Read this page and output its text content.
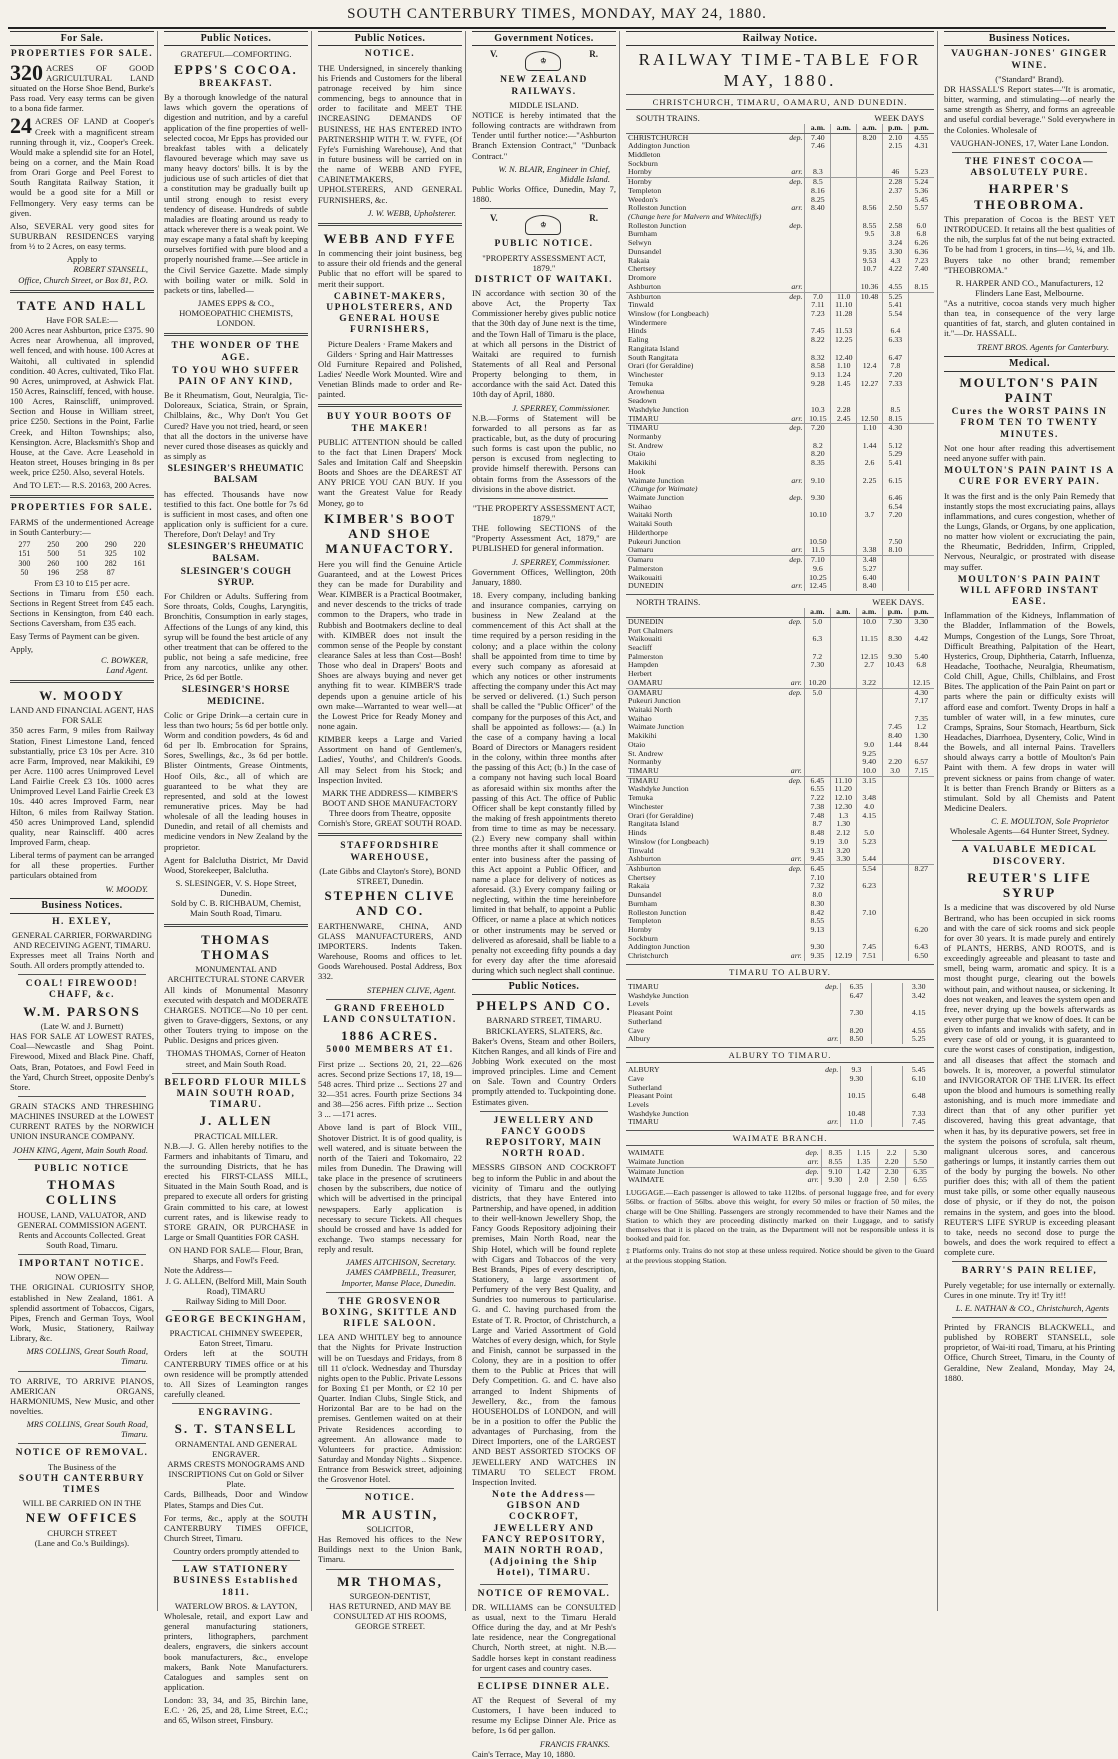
SOUTH CANTERBURY TIMES, MONDAY, MAY 24, 1880.
For Sale.
PROPERTIES FOR SALE.
320 ACRES OF GOOD AGRICULTURAL LAND situated on the Horse Shoe Bend, Burke's Pass road. Very easy terms can be given to a bona fide farmer.
24 ACRES OF LAND at Cooper's Creek with a magnificent stream running through it, viz., Cooper's Creek. Would make a splendid site for an Hotel, being on a corner, and the Main Road from Orari Gorge and Peel Forest to South Rangitata Railway Station, it would be a good site for a Mill or Fellmongery. Very easy terms can be given.
Also, SEVERAL very good sites for SUBURBAN RESIDENCES varying from ½ to 2 Acres, on easy terms.
Apply to
ROBERT STANSELL,
Office, Church Street, or Box 81, P.O.
TATE AND HALL
Have FOR SALE:—
200 Acres near Ashburton, price £375. 90 Acres near Arowhenua, all improved, well fenced, and with house. 100 Acres at Waitohi, all cultivated in splendid condition. 40 Acres, cultivated, Tiko Flat. 90 Acres, unimproved, at Ashwick Flat. 150 Acres, Rainscliff, fenced, with house. 100 Acres, Rainscliff, unimproved. Section and House in William street, price £250. Sections in the Point, Farlie Creek, and Hilton Townships; also, Kensington. Acre, Blacksmith's Shop and House, at the Cave. Acre Leasehold in Heaton street, Houses bringing in 8s per week, price £250. Also, several Hotels.
And TO LET:— R.S. 20163, 200 Acres.
PROPERTIES FOR SALE.
FARMS of the undermentioned Acreage in South Canterbury:—
277	250	200	290	220
151	500	51	325	102
300	260	100	282	161
50	196	258	87	
From £3 10 to £15 per acre.
Sections in Timaru from £50 each. Sections in Regent Street from £45 each. Sections in Kensington, from £40 each. Sections Caversham, from £35 each.
Easy Terms of Payment can be given.
Apply,
C. BOWKER,
Land Agent.
W. MOODY
LAND AND FINANCIAL AGENT, HAS FOR SALE
350 acres Farm, 9 miles from Railway Station, Finest Limestone Land, fenced substantially, price £3 10s per Acre. 310 acre Farm, Improved, near Makikihi, £9 per Acre. 1100 acres Unimproved Level Land Fairlie Creek £3 10s. 1000 acres Unimproved Level Land Fairlie Creek £3 10s. 440 acres Improved Farm, near Hilton, 6 miles from Railway Station. 450 acres Unimproved Land, splendid quality, near Rainscliff. 400 acres Improved Farm, cheap.
Liberal terms of payment can be arranged for all these properties. Further particulars obtained from
W. MOODY.
Business Notices.
H. EXLEY,
GENERAL CARRIER, FORWARDING AND RECEIVING AGENT, TIMARU.
Expresses meet all Trains North and South. All orders promptly attended to.
COAL! FIREWOOD! CHAFF, &c.
W.M. PARSONS
(Late W. and J. Burnett)
HAS FOR SALE AT LOWEST RATES, Coal—Newcastle and Shag Point. Firewood, Mixed and Black Pine. Chaff, Oats, Bran, Potatoes, and Fowl Feed in the Yard, Church Street, opposite Denby's Store.
GRAIN STACKS AND THRESHING MACHINES INSURED at the LOWEST CURRENT RATES by the NORWICH UNION INSURANCE COMPANY.
JOHN KING, Agent, Main South Road.
PUBLIC NOTICE
THOMAS COLLINS
HOUSE, LAND, VALUATOR, AND GENERAL COMMISSION AGENT.
Rents and Accounts Collected. Great South Road, Timaru.
IMPORTANT NOTICE.
NOW OPEN—
THE ORIGINAL CURIOSITY SHOP, established in New Zealand, 1861. A splendid assortment of Tobaccos, Cigars, Pipes, French and German Toys, Wool Work, Music, Stationery, Railway Library, &c.
MRS COLLINS, Great South Road, Timaru.
TO ARRIVE, TO ARRIVE PIANOS, AMERICAN ORGANS, HARMONIUMS, New Music, and other novelties.
MRS COLLINS, Great South Road, Timaru.
NOTICE OF REMOVAL.
The Business of the
SOUTH CANTERBURY TIMES
WILL BE CARRIED ON IN THE
NEW OFFICES
CHURCH STREET
(Lane and Co.'s Buildings).
Public Notices.
GRATEFUL—COMFORTING.
EPPS'S COCOA.
BREAKFAST.
By a thorough knowledge of the natural laws which govern the operations of digestion and nutrition, and by a careful application of the fine properties of well-selected cocoa, Mr Epps has provided our breakfast tables with a delicately flavoured beverage which may save us many heavy doctors' bills. It is by the judicious use of such articles of diet that a constitution may be gradually built up until strong enough to resist every tendency of disease. Hundreds of subtle maladies are floating around us ready to attack wherever there is a weak point. We may escape many a fatal shaft by keeping ourselves fortified with pure blood and a properly nourished frame.—See article in the Civil Service Gazette. Made simply with boiling water or milk. Sold in packets or tins, labelled—
JAMES EPPS & CO., HOMOEOPATHIC CHEMISTS, LONDON.
THE WONDER OF THE AGE.
TO YOU WHO SUFFER PAIN OF ANY KIND,
Be it Rheumatism, Gout, Neuralgia, Tic-Doloreaux, Sciatica, Strain, or Sprain, Chilblains, &c., Why Don't You Get Cured? Have you not tried, heard, or seen that all the doctors in the universe have never cured those diseases as quickly and as simply as
SLESINGER'S RHEUMATIC BALSAM
has effected. Thousands have now testified to this fact. One bottle for 7s 6d is sufficient in most cases, and often one application only is sufficient for a cure. Therefore, Don't Delay! and Try
SLESINGER'S RHEUMATIC BALSAM.
SLESINGER'S COUGH SYRUP.
For Children or Adults. Suffering from Sore throats, Colds, Coughs, Laryngitis, Bronchitis, Consumption in early stages, Affections of the Lungs of any kind, this syrup will be found the best article of any other treatment that can be offered to the public, not being a safe medicine, free from any narcotics, unlike any other. Price, 2s 6d per Bottle.
SLESINGER'S HORSE MEDICINE.
Colic or Gripe Drink—a certain cure in less than two hours; 5s 6d per bottle only. Worm and condition powders, 4s 6d and 6d per lb. Embrocation for Sprains, Sores, Swellings, &c., 3s 6d per bottle. Blister Ointments, Grease Ointments, Hoof Oils, &c., all of which are guaranteed to be what they are represented, and sold at the lowest remunerative prices. May be had wholesale of all the leading houses in Dunedin, and retail of all chemists and medicine vendors in New Zealand by the proprietor.
Agent for Balclutha District, Mr David Wood, Storekeeper, Balclutha.
S. SLESINGER, V. S. Hope Street, Dunedin.
Sold by C. B. RICHBAUM, Chemist, Main South Road, Timaru.
THOMAS THOMAS
MONUMENTAL AND ARCHITECTURAL STONE CARVER
All kinds of Monumental Masonry executed with despatch and MODERATE CHARGES. NOTICE—No 10 per cent. given to Grave-diggers, Sextons, or any other Touters trying to impose on the Public. Designs and prices given.
THOMAS THOMAS, Corner of Heaton street, and Main South Road.
BELFORD FLOUR MILLS MAIN SOUTH ROAD, TIMARU.
J. ALLEN
PRACTICAL MILLER.
N.B.—J. G. Allen hereby notifies to the Farmers and inhabitants of Timaru, and the surrounding Districts, that he has erected his FIRST-CLASS MILL, Situated in the Main South Road, and is prepared to execute all orders for gristing Grain committed to his care, at lowest current rates, and is likewise ready to STORE GRAIN, OR PURCHASE in Large or Small Quantities FOR CASH.
ON HAND FOR SALE— Flour, Bran, Sharps, and Fowl's Feed.
Note the Address—
J. G. ALLEN, (Belford Mill, Main South Road), TIMARU
Railway Siding to Mill Door.
GEORGE BECKINGHAM,
PRACTICAL CHIMNEY SWEEPER, Eaton Street, Timaru.
Orders left at the SOUTH CANTERBURY TIMES office or at his own residence will be promptly attended to. All Sizes of Leamington ranges carefully cleaned.
ENGRAVING.
S. T. STANSELL
ORNAMENTAL AND GENERAL ENGRAVER.
ARMS CRESTS MONOGRAMS AND INSCRIPTIONS Cut on Gold or Silver Plate.
Cards, Billheads, Door and Window Plates, Stamps and Dies Cut.
For terms, &c., apply at the SOUTH CANTERBURY TIMES OFFICE, Church Street, Timaru.
Country orders promptly attended to
LAW STATIONERY BUSINESS Established 1811.
WATERLOW BROS. & LAYTON,
Wholesale, retail, and export Law and general manufacturing stationers, printers, lithographers, parchment dealers, engravers, die sinkers account book manufacturers, &c., envelope makers, Bank Note Manufacturers. Catalogues and samples sent on application.
London: 33, 34, and 35, Birchin lane, E.C. · 26, 25, and 28, Lime Street, E.C.; and 65, Wilson street, Finsbury.
Public Notices.
NOTICE.
THE Undersigned, in sincerely thanking his Friends and Customers for the liberal patronage received by him since commencing, begs to announce that in order to facilitate and MEET THE INCREASING DEMANDS OF BUSINESS, HE HAS ENTERED INTO PARTNERSHIP WITH T. W. FYFE, (Of Fyfe's Furnishing Warehouse), And that in future business will be carried on in the name of WEBB AND FYFE, CABINETMAKERS, UPHOLSTERERS, AND GENERAL FURNISHERS, &c.
J. W. WEBB, Upholsterer.
WEBB AND FYFE
In commencing their joint business, beg to assure their old friends and the general Public that no effort will be spared to merit their support.
CABINET-MAKERS, UPHOLSTERERS, AND GENERAL HOUSE FURNISHERS,
Picture Dealers · Frame Makers and Gilders · Spring and Hair Mattresses
Old Furniture Repaired and Polished, Ladies' Needle Work Mounted. Wire and Venetian Blinds made to order and Re-painted.
BUY YOUR BOOTS OF THE MAKER!
PUBLIC ATTENTION should be called to the fact that Linen Drapers' Mock Sales and Imitation Calf and Sheepskin Boots and Shoes are the DEAREST AT ANY PRICE YOU CAN BUY. If you want the Greatest Value for Ready Money, go to
KIMBER'S BOOT AND SHOE MANUFACTORY.
Here you will find the Genuine Article Guaranteed, and at the Lowest Prices they can be made for Durability and Wear. KIMBER is a Practical Bootmaker, and never descends to the tricks of trade common to the Drapers, who trade in Rubbish and Bootmakers decline to deal with. KIMBER does not insult the common sense of the People by constant clearance Sales at less than Cost—Bosh! Those who deal in Drapers' Boots and Shoes are always buying and never get anything fit to wear. KIMBER'S trade depends upon a genuine article of his own make—Warranted to wear well—at the Lowest Price for Ready Money and none again.
KIMBER keeps a Large and Varied Assortment on hand of Gentlemen's, Ladies', Youths', and Children's Goods. All may Select from his Stock; and Inspection Invited.
MARK THE ADDRESS— KIMBER'S BOOT AND SHOE MANUFACTORY Three doors from Theatre, opposite Cornish's Store, GREAT SOUTH ROAD.
STAFFORDSHIRE WAREHOUSE,
(Late Gibbs and Clayton's Store), BOND STREET, Dunedin.
STEPHEN CLIVE AND CO.
EARTHENWARE, CHINA, AND GLASS MANUFACTURERS, AND IMPORTERS. Indents Taken. Warehouse, Rooms and offices to let. Goods Warehoused. Postal Address, Box 332.
STEPHEN CLIVE, Agent.
GRAND FREEHOLD LAND CONSULTATION.
1886 ACRES.
5000 MEMBERS AT £1.
First prize ... Sections 20, 21, 22—626 acres. Second prize Sections 17, 18, 19—548 acres. Third prize ... Sections 27 and 32—351 acres. Fourth prize Sections 34 and 38—256 acres. Fifth prize ... Section 3 ... —171 acres.
Above land is part of Block VIII., Shotover District. It is of good quality, is well watered, and is situate between the north of the Taieri and Tokomairo, 22 miles from Dunedin. The Drawing will take place in the presence of scrutineers chosen by the subscribers, due notice of which will be advertised in the principal newspapers. Early application is necessary to secure Tickets. All cheques should be crossed and have 1s added for exchange. Two stamps necessary for reply and result.
JAMES AITCHISON, Secretary. JAMES CAMPBELL, Treasurer, Importer, Manse Place, Dunedin.
THE GROSVENOR BOXING, SKITTLE AND RIFLE SALOON.
LEA AND WHITLEY beg to announce that the Nights for Private Instruction will be on Tuesdays and Fridays, from 8 till 11 o'clock. Wednesday and Thursday nights open to the Public. Private Lessons for Boxing £1 per Month, or £2 10 per Quarter. Indian Clubs, Single Stick, and Horizontal Bar are to be had on the premises. Gentlemen waited on at their Private Residences according to agreement. An allowance made to Volunteers for practice. Admission: Saturday and Monday Nights .. Sixpence. Entrance from Beswick street, adjoining the Grosvenor Hotel.
NOTICE.
MR AUSTIN,
SOLICITOR,
Has Removed his offices to the New Buildings next to the Union Bank, Timaru.
MR THOMAS,
SURGEON-DENTIST,
HAS RETURNED, AND MAY BE CONSULTED AT HIS ROOMS, GEORGE STREET.
Government Notices.
V.
♔
R.
NEW ZEALAND RAILWAYS.
MIDDLE ISLAND.
NOTICE is hereby intimated that the following contracts are withdrawn from Tender until further notice:—"Ashburton Branch Extension Contract," "Dunback Contract."
W. N. BLAIR, Engineer in Chief, Middle Island.
Public Works Office, Dunedin, May 7, 1880.
V.
♔
R.
PUBLIC NOTICE.
"PROPERTY ASSESSMENT ACT, 1879."
DISTRICT OF WAITAKI.
IN accordance with section 30 of the above Act, the Property Tax Commissioner hereby gives public notice that the 30th day of June next is the time, and the Town Hall of Timaru is the place, at which all persons in the District of Waitaki are required to furnish Statements of all Real and Personal Property belonging to them, in accordance with the said Act. Dated this 10th day of April, 1880.
J. SPERREY, Commissioner.
N.B.—Forms of Statement will be forwarded to all persons as far as practicable, but, as the duty of procuring such forms is cast upon the public, no person is excused from neglecting to provide himself therewith. Persons can obtain forms from the Assessors of the divisions in the above district.
"THE PROPERTY ASSESSMENT ACT, 1879."
THE following SECTIONS of the "Property Assessment Act, 1879," are PUBLISHED for general information.
J. SPERREY, Commissioner.
Government Offices, Wellington, 20th January, 1880.
18. Every company, including banking and insurance companies, carrying on business in New Zealand at the commencement of this Act shall at the time required by a person residing in the colony; and a place within the colony shall be appointed from time to time by every such company as aforesaid at which any notices or other instruments affecting the company under this Act may be served or delivered. (1.) Such person shall be called the "Public Officer" of the company for the purposes of this Act, and shall be appointed as follows:— (a.) In the case of a company having a local Board of Directors or Managers resident in the colony, within three months after the passing of this Act; (b.) In the case of a company not having such local Board as aforesaid within six months after the passing of this Act. The office of Public Officer shall be kept constantly filled by the making of fresh appointments thereto from time to time as may be necessary. (2.) Every new company shall within three months after it shall commence or enter into business after the passing of this Act appoint a Public Officer, and name a place for delivery of notices as aforesaid. (3.) Every company failing or neglecting, within the time hereinbefore limited in that behalf, to appoint a Public Officer, or name a place at which notices or other instruments may be served or delivered as aforesaid, shall be liable to a penalty not exceeding fifty pounds a day for every day after the time aforesaid during which such neglect shall continue.
Public Notices.
PHELPS AND CO.
BARNARD STREET, TIMARU. BRICKLAYERS, SLATERS, &c.
Baker's Ovens, Steam and other Boilers, Kitchen Ranges, and all kinds of Fire and Jobbing Work executed on the most improved principles. Lime and Cement on Sale. Town and Country Orders promptly attended to. Tuckpointing done. Estimates given.
JEWELLERY AND FANCY GOODS REPOSITORY, MAIN NORTH ROAD.
MESSRS GIBSON AND COCKROFT beg to inform the Public in and about the vicinity of Timaru and the outlying districts, that they have Entered into Partnership, and have opened, in addition to their well-known Jewellery Shop, the Fancy Goods Repository adjoining their premises, Main North Road, near the Ship Hotel, which will be found replete with Cigars and Tobaccos of the very Best Brands, Pipes of every description, Stationery, a large assortment of Perfumery of the very Best Quality, and Sundries too numerous to particularise. G. and C. having purchased from the Estate of T. R. Proctor, of Christchurch, a Large and Varied Assortment of Gold Watches of every design, which, for Style and Finish, cannot be surpassed in the Colony, they are in a position to offer them to the Public at Prices that will Defy Competition. G. and C. have also arranged to Indent Shipments of Jewellery, &c., from the famous HOUSEHOLDS of LONDON, and will be in a position to offer the Public the advantages of Purchasing, from the Direct Importers, one of the LARGEST AND BEST ASSORTED STOCKS OF JEWELLERY AND WATCHES IN TIMARU TO SELECT FROM. Inspection Invited.
Note the Address— GIBSON AND COCKROFT, JEWELLERY AND FANCY REPOSITORY, MAIN NORTH ROAD, (Adjoining the Ship Hotel), TIMARU.
NOTICE OF REMOVAL.
DR. WILLIAMS can be CONSULTED as usual, next to the Timaru Herald Office during the day, and at Mr Pesh's late residence, near the Congregational Church, North street, at night. N.B.—Saddle horses kept in constant readiness for urgent cases and country cases.
ECLIPSE DINNER ALE.
AT the Request of Several of my Customers, I have been induced to resume my Eclipse Dinner Ale. Price as before, 1s 6d per gallon.
FRANCIS FRANKS.
Cain's Terrace, May 10, 1880.
Railway Notice.
RAILWAY TIME-TABLE FOR MAY, 1880.
CHRISTCHURCH, TIMARU, OAMARU, AND DUNEDIN.
SOUTH TRAINS.	WEEK DAYS
		a.m.	a.m.	a.m.	p.m.	p.m.
CHRISTCHURCH	dep.	7.40		8.20	2.10	4.55
Addington Junction		7.46			2.15	4.31
Middleton						
Sockburn						
Hornby	arr.	8.3			46	5.23
Hornby	dep.	8.5			2.28	5.24
Templeton		8.16			2.37	5.36
Weedon's		8.25				5.45
Rolleston Junction	arr.	8.40		8.56	2.50	5.57
(Change here for Malvern and Whitecliffs)						
Rolleston Junction	dep.			8.55	2.58	6.0
Burnham				9.5	3.8	6.8
Selwyn					3.24	6.26
Dunsandel				9.35	3.30	6.36
Rakaia				9.53	4.3	7.23
Chertsey				10.7	4.22	7.40
Dromore						
Ashburton	arr.			10.36	4.55	8.15
Ashburton	dep.	7.0	11.0	10.48	5.25	
Tinwald		7.11	11.10		5.41	
Winslow (for Longbeach)		7.23	11.28		5.54	
Windermere						
Hinds		7.45	11.53		6.4	
Ealing		8.22	12.25		6.33	
Rangitata Island						
South Rangitata		8.32	12.40		6.47	
Orari (for Geraldine)		8.58	1.10	12.4	7.8	
Winchester		9.13	1.24		7.20	
Temuka		9.28	1.45	12.27	7.33	
Arowhenua						
Seadown						
Washdyke Junction		10.3	2.28		8.5	
TIMARU	arr.	10.15	2.45	12.50	8.15	
TIMARU	dep.	7.20		1.10	4.30	
Normanby						
St. Andrew		8.2		1.44	5.12	
Otaio		8.20			5.29	
Makikihi		8.35		2.6	5.41	
Hook						
Waimate Junction	arr.	9.10		2.25	6.15	
(Change for Waimate)						
Waimate Junction	dep.	9.30			6.46	
Waihao					6.54	
Waitaki North		10.10		3.7	7.20	
Waitaki South						
Hilderthorpe						
Pukeuri Junction		10.50			7.50	
Oamaru	arr.	11.5		3.38	8.10	
Oamaru	dep.	7.10		3.48		
Palmerston		9.6		5.27		
Waikouaiti		10.25		6.40		
DUNEDIN	arr.	12.45		8.40		
NORTH TRAINS.	WEEK DAYS.
		a.m.	a.m.	a.m.	p.m.	p.m.
DUNEDIN	dep.	5.0		10.0	7.30	3.30
Port Chalmers						
Waikouaiti		6.3		11.15	8.30	4.42
Seacliff						
Palmerston		7.2		12.15	9.30	5.40
Hampden		7.30		2.7	10.43	6.8
Herbert						
OAMARU	arr.	10.20		3.22		12.15
OAMARU	dep.	5.0				4.30
Pukeuri Junction						7.17
Waitaki North						
Waihao						7.35
Waimate Junction					7.45	1.2
Makikihi					8.40	1.30
Otaio				9.0	1.44	8.44
St. Andrew				9.25		
Normanby				9.40	2.20	6.57
TIMARU	arr.			10.0	3.0	7.15
TIMARU	dep.	6.45	11.10	3.15		
Washdyke Junction		6.55	11.20			
Temuka		7.22	12.10	3.48		
Winchester		7.38	12.30	4.0		
Orari (for Geraldine)		7.48	1.3	4.15		
Rangitata Island		8.7	1.30			
Hinds		8.48	2.12	5.0		
Winslow (for Longbeach)		9.19	3.0	5.23		
Tinwald		9.31	3.20			
Ashburton	arr.	9.45	3.30	5.44		
Ashburton	dep.	6.45		5.54		8.27
Chertsey		7.10				
Rakaia		7.32		6.23		
Dunsandel		8.0				
Burnham		8.30				
Rolleston Junction		8.42		7.10		
Templeton		8.55				
Hornby		9.13				6.20
Sockburn						
Addington Junction		9.30		7.45		6.43
Christchurch	arr.	9.35	12.19	7.51		6.50
TIMARU TO ALBURY.
TIMARU	dep.	6.35		3.30
Washdyke Junction		6.47		3.42
Levels				
Pleasant Point		7.30		4.15
Sutherland				
Cave		8.20		4.55
Albury	arr.	8.50		5.25
ALBURY TO TIMARU.
ALBURY	dep.	9.3		5.45
Cave		9.30		6.10
Sutherland				
Pleasant Point		10.15		6.48
Levels				
Washdyke Junction		10.48		7.33
TIMARU	arr.	11.0		7.45
WAIMATE BRANCH.
WAIMATE	dep.	8.35	1.15	2.2	5.30
Waimate Junction	arr.	8.55	1.35	2.20	5.50
Waimate Junction	dep.	9.10	1.42	2.30	6.35
WAIMATE	arr.	9.30	2.0	2.50	6.55
LUGGAGE.—Each passenger is allowed to take 112lbs. of personal luggage free, and for every 56lbs. or fraction of 56lbs. above this weight, for every 50 miles or fraction of 50 miles, the charge will be One Shilling. Passengers are strongly recommended to have their Names and the Station to which they are proceeding distinctly marked on their Luggage, and to satisfy themselves that it is placed on the train, as the Department will not be responsible unless it is booked and paid for.
‡ Platforms only. Trains do not stop at these unless required. Notice should be given to the Guard at the previous stopping Station.
Business Notices.
VAUGHAN-JONES' GINGER WINE.
("Standard" Brand).
DR HASSALL'S Report states—"It is aromatic, bitter, warming, and stimulating—of nearly the same strength as Sherry, and forms an agreeable and useful cordial beverage." Sold everywhere in the Colonies. Wholesale of
VAUGHAN-JONES, 17, Water Lane London.
THE FINEST COCOA—ABSOLUTELY PURE.
HARPER'S THEOBROMA.
This preparation of Cocoa is the BEST YET INTRODUCED. It retains all the best qualities of the nib, the surplus fat of the nut being extracted. To be had from 1 grocers, in tins—½, ¼, and 1lb. Buyers take no other brand; remember "THEOBROMA."
R. HARPER AND CO., Manufacturers, 12 Flinders Lane East, Melbourne.
"As a nutritive, cocoa stands very much higher than tea, in consequence of the very large quantities of fat, starch, and gluten contained in it."—Dr. HASSALL.
TRENT BROS. Agents for Canterbury.
Medical.
MOULTON'S PAIN PAINT
Cures the WORST PAINS IN FROM TEN TO TWENTY MINUTES.
Not one hour after reading this advertisement need anyone suffer with pain.
MOULTON'S PAIN PAINT IS A CURE FOR EVERY PAIN.
It was the first and is the only Pain Remedy that instantly stops the most excruciating pains, allays inflammations, and cures congestion, whether of the Lungs, Glands, or Organs, by one application, no matter how violent or excruciating the pain, the Rheumatic, Bedridden, Infirm, Crippled, Nervous, Neuralgic, or prostrated with disease may suffer.
MOULTON'S PAIN PAINT WILL AFFORD INSTANT EASE.
Inflammation of the Kidneys, Inflammation of the Bladder, Inflammation of the Bowels, Mumps, Congestion of the Lungs, Sore Throat, Difficult Breathing, Palpitation of the Heart, Hysterics, Croup, Diphtheria, Catarrh, Influenza, Headache, Toothache, Neuralgia, Rheumatism, Cold Chill, Ague, Chills, Chilblains, and Frost Bites. The application of the Pain Paint on part or parts where the pain or difficulty exists will afford ease and comfort. Twenty Drops in half a tumbler of water will, in a few minutes, cure Cramps, Sprains, Sour Stomach, Heartburn, Sick Headaches, Diarrhoea, Dysentery, Colic, Wind in the Bowels, and all internal Pains. Travellers should always carry a bottle of Moulton's Pain Paint with them. A few drops in water will prevent sickness or pains from change of water. It is better than French Brandy or Bitters as a stimulant. Sold by all Chemists and Patent Medicine Dealers.
C. E. MOULTON, Sole Proprietor
Wholesale Agents—64 Hunter Street, Sydney.
A VALUABLE MEDICAL DISCOVERY.
REUTER'S LIFE SYRUP
Is a medicine that was discovered by old Nurse Bertrand, who has been occupied in sick rooms and with the care of sick rooms and sick people for over 30 years. It is made purely and entirely of PLANTS, HERBS, AND ROOTS, and is exceedingly agreeable and pleasant to taste and smell, being warm, aromatic and spicy. It is a most thought purge, clearing out the bowels without pain, and without nausea, or sickening. It does not weaken, and leaves the system open and free, never drying up the bowels afterwards as every other purge that we know of does. It can be given to infants and invalids with safety, and in every case of old or young, it is guaranteed to cure the worst cases of constipation, indigestion, and all diseases that affect the stomach and bowels. It is, moreover, a powerful stimulator and INVIGORATOR OF THE LIVER. Its effect upon the blood and humours is something really astonishing, and is much more immediate and direct than that of any other purifier yet discovered, having this great advantage, that when it has, by its depurative powers, set free in the system the poisons of scrofula, salt rheum, malignant ulcerous sores, and cancerous gatherings or lumps, it instantly carries them out of the body by purging the bowels. No other purifier does this; with all of them the patient must take pills, or some other equally nauseous dose of physic, or if they do not, the poison remains in the system, and goes into the blood. REUTER'S LIFE SYRUP is exceeding pleasant to take, needs no second dose to purge the bowels, and does the work required to effect a complete cure.
BARRY'S PAIN RELIEF,
Purely vegetable; for use internally or externally. Cures in one minute. Try it! Try it!!
L. E. NATHAN & CO., Christchurch, Agents
Printed by FRANCIS BLACKWELL, and published by ROBERT STANSELL, sole proprietor, of Wai-iti road, Timaru, at his Printing Office, Church Street, Timaru, in the County of Geraldine, New Zealand, Monday, May 24, 1880.
